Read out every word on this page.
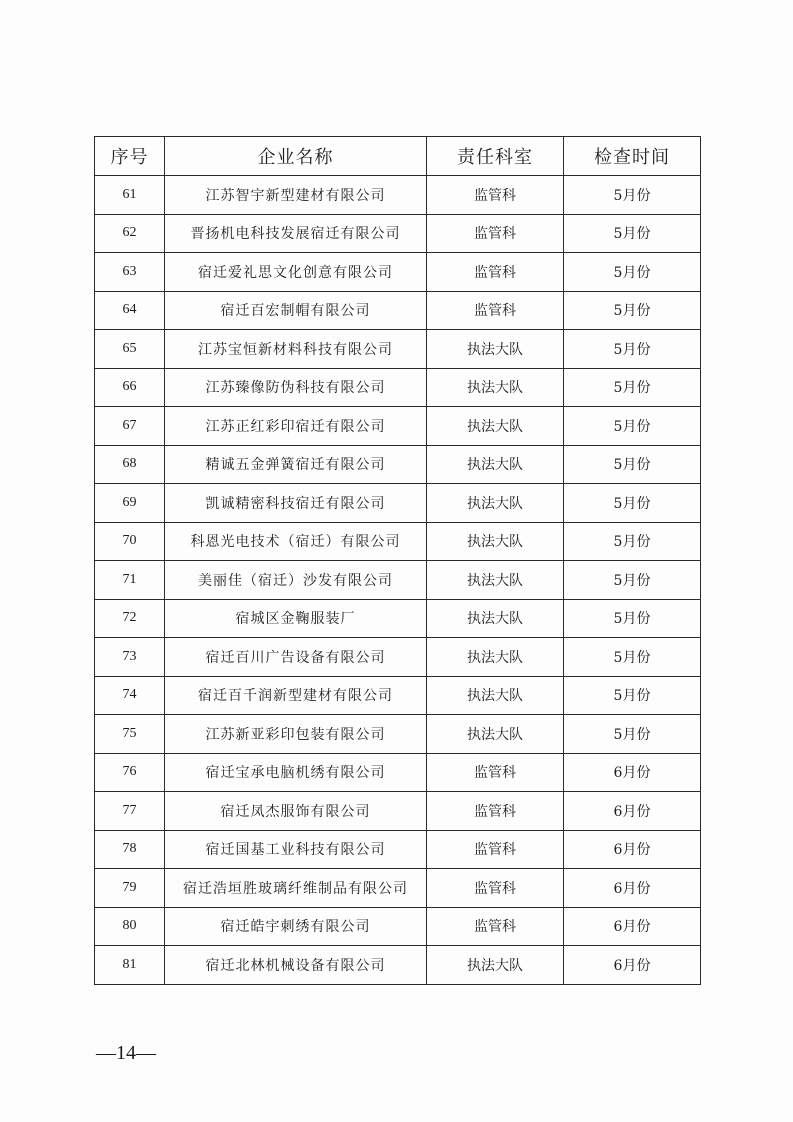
序号	企业名称	责任科室	检查时间
61	江苏智宇新型建材有限公司	监管科	5月份
62	晋扬机电科技发展宿迁有限公司	监管科	5月份
63	宿迁爱礼思文化创意有限公司	监管科	5月份
64	宿迁百宏制帽有限公司	监管科	5月份
65	江苏宝恒新材料科技有限公司	执法大队	5月份
66	江苏臻像防伪科技有限公司	执法大队	5月份
67	江苏正红彩印宿迁有限公司	执法大队	5月份
68	精诚五金弹簧宿迁有限公司	执法大队	5月份
69	凯诚精密科技宿迁有限公司	执法大队	5月份
70	科恩光电技术（宿迁）有限公司	执法大队	5月份
71	美丽佳（宿迁）沙发有限公司	执法大队	5月份
72	宿城区金鞠服装厂	执法大队	5月份
73	宿迁百川广告设备有限公司	执法大队	5月份
74	宿迁百千润新型建材有限公司	执法大队	5月份
75	江苏新亚彩印包装有限公司	执法大队	5月份
76	宿迁宝承电脑机绣有限公司	监管科	6月份
77	宿迁凤杰服饰有限公司	监管科	6月份
78	宿迁国基工业科技有限公司	监管科	6月份
79	宿迁浩垣胜玻璃纤维制品有限公司	监管科	6月份
80	宿迁皓宇刺绣有限公司	监管科	6月份
81	宿迁北林机械设备有限公司	执法大队	6月份
—14—
